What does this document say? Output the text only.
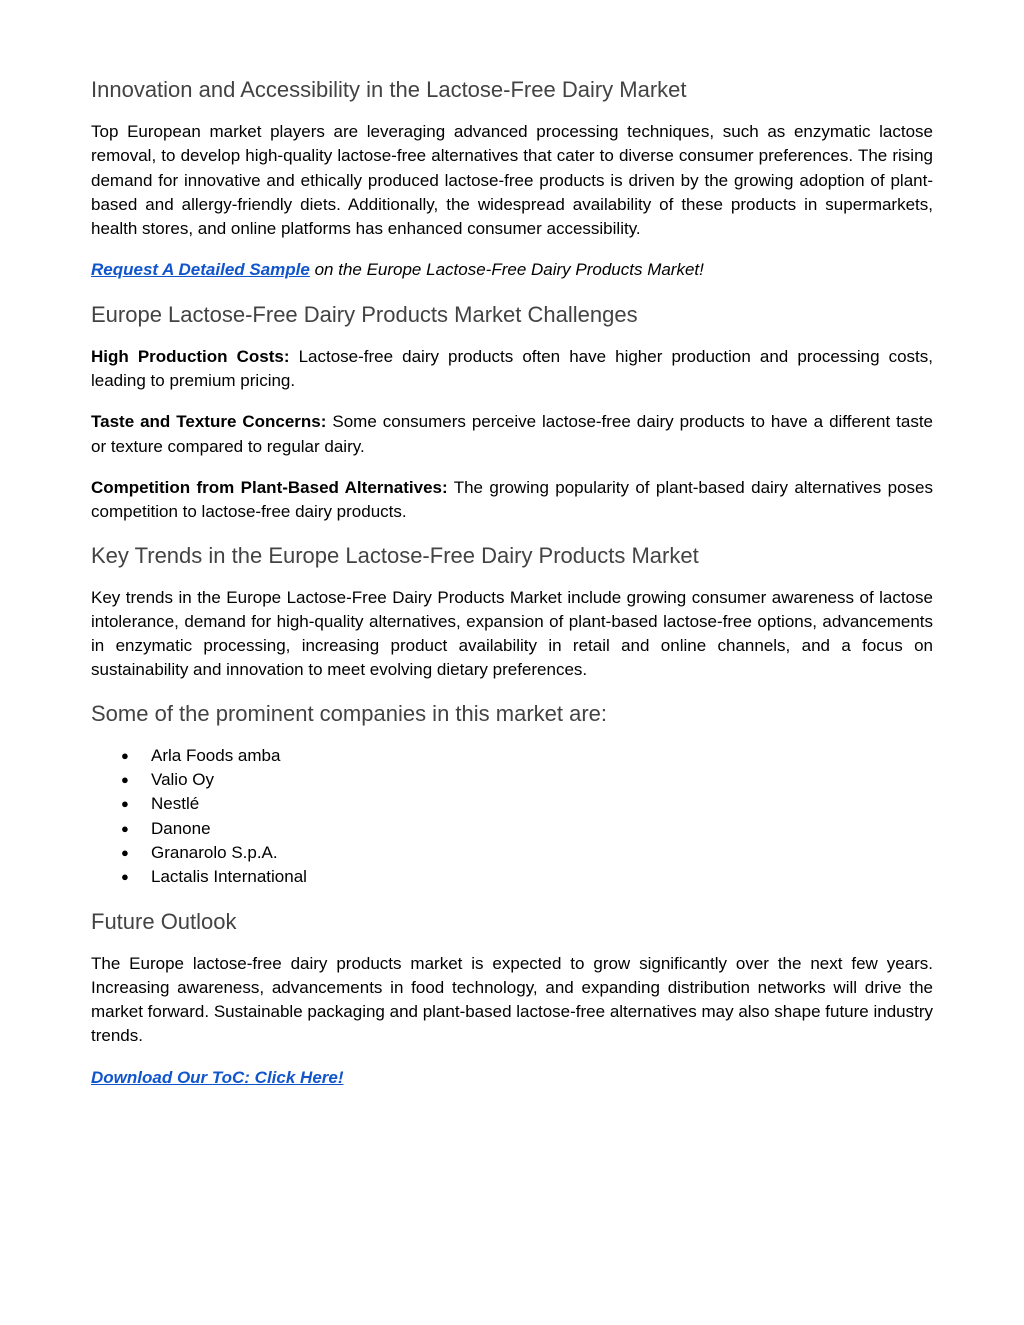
Innovation and Accessibility in the Lactose-Free Dairy Market

Top European market players are leveraging advanced processing techniques, such as enzymatic lactose removal, to develop high-quality lactose-free alternatives that cater to diverse consumer preferences. The rising demand for innovative and ethically produced lactose-free products is driven by the growing adoption of plant-based and allergy-friendly diets. Additionally, the widespread availability of these products in supermarkets, health stores, and online platforms has enhanced consumer accessibility.

Request A Detailed Sample on the Europe Lactose-Free Dairy Products Market!

Europe Lactose-Free Dairy Products Market Challenges

High Production Costs: Lactose-free dairy products often have higher production and processing costs, leading to premium pricing.

Taste and Texture Concerns: Some consumers perceive lactose-free dairy products to have a different taste or texture compared to regular dairy.

Competition from Plant-Based Alternatives: The growing popularity of plant-based dairy alternatives poses competition to lactose-free dairy products.

Key Trends in the Europe Lactose-Free Dairy Products Market

Key trends in the Europe Lactose-Free Dairy Products Market include growing consumer awareness of lactose intolerance, demand for high-quality alternatives, expansion of plant-based lactose-free options, advancements in enzymatic processing, increasing product availability in retail and online channels, and a focus on sustainability and innovation to meet evolving dietary preferences.

Some of the prominent companies in this market are:
● Arla Foods amba
● Valio Oy
● Nestlé
● Danone
● Granarolo S.p.A.
● Lactalis International
Future Outlook

The Europe lactose-free dairy products market is expected to grow significantly over the next few years. Increasing awareness, advancements in food technology, and expanding distribution networks will drive the market forward. Sustainable packaging and plant-based lactose-free alternatives may also shape future industry trends.

Download Our ToC: Click Here!
